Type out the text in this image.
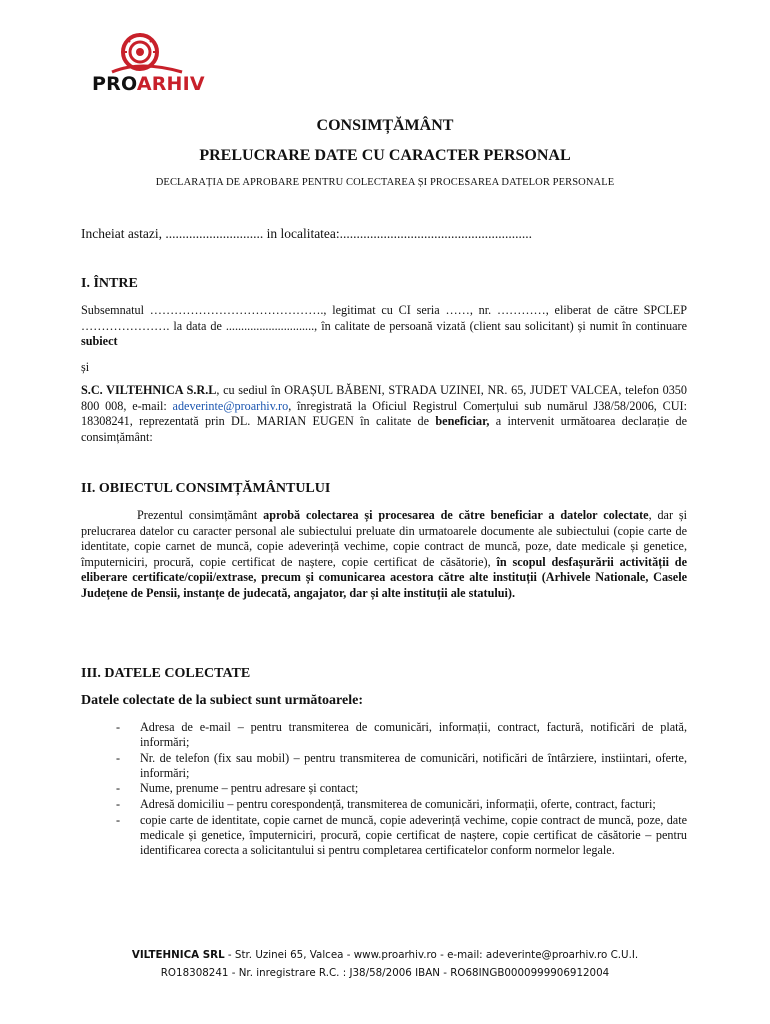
PROARHIV
CONSIMȚĂMÂNT
PRELUCRARE DATE CU CARACTER PERSONAL
DECLARAȚIA DE APROBARE PENTRU COLECTAREA ȘI PROCESAREA DATELOR PERSONALE
Incheiat astazi, ............................. in localitatea:.........................................................
I. ÎNTRE
Subsemnatul ……………………………………., legitimat cu CI seria ……, nr. …………, eliberat de către SPCLEP …………………. la data de ............................., în calitate de persoană vizată (client sau solicitant) și numit în continuare subiect
și
S.C. VILTEHNICA S.R.L, cu sediul în ORAȘUL BĂBENI, STRADA UZINEI, NR. 65, JUDET VALCEA, telefon 0350 800 008, e-mail: adeverinte@proarhiv.ro, înregistrată la Oficiul Registrul Comerțului sub numărul J38/58/2006, CUI: 18308241, reprezentată prin DL. MARIAN EUGEN în calitate de beneficiar, a intervenit următoarea declarație de consimțământ:
II. OBIECTUL CONSIMȚĂMÂNTULUI
Prezentul consimțământ aprobă colectarea și procesarea de către beneficiar a datelor colectate, dar și prelucrarea datelor cu caracter personal ale subiectului preluate din urmatoarele documente ale subiectului (copie carte de identitate, copie carnet de muncă, copie adeverință vechime, copie contract de muncă, poze, date medicale și genetice, împuterniciri, procură, copie certificat de naștere, copie certificat de căsătorie), în scopul desfașurării activității de eliberare certificate/copii/extrase, precum și comunicarea acestora către alte instituții (Arhivele Nationale, Casele Județene de Pensii, instanțe de judecată, angajator, dar și alte instituții ale statului).
III. DATELE COLECTATE
Datele colectate de la subiect sunt următoarele:
- Adresa de e-mail – pentru transmiterea de comunicări, informații, contract, factură, notificări de plată, informări;
- Nr. de telefon (fix sau mobil) – pentru transmiterea de comunicări, notificări de întârziere, instiintari, oferte, informări;
- Nume, prenume – pentru adresare și contact;
- Adresă domiciliu – pentru corespondență, transmiterea de comunicări, informații, oferte, contract, facturi;
- copie carte de identitate, copie carnet de muncă, copie adeverință vechime, copie contract de muncă, poze, date medicale și genetice, împuterniciri, procură, copie certificat de naștere, copie certificat de căsătorie – pentru identificarea corecta a solicitantului si pentru completarea certificatelor conform normelor legale.
VILTEHNICA SRL - Str. Uzinei 65, Valcea - www.proarhiv.ro - e-mail: adeverinte@proarhiv.ro C.U.I.
RO18308241 - Nr. inregistrare R.C. : J38/58/2006 IBAN - RO68INGB0000999906912004
